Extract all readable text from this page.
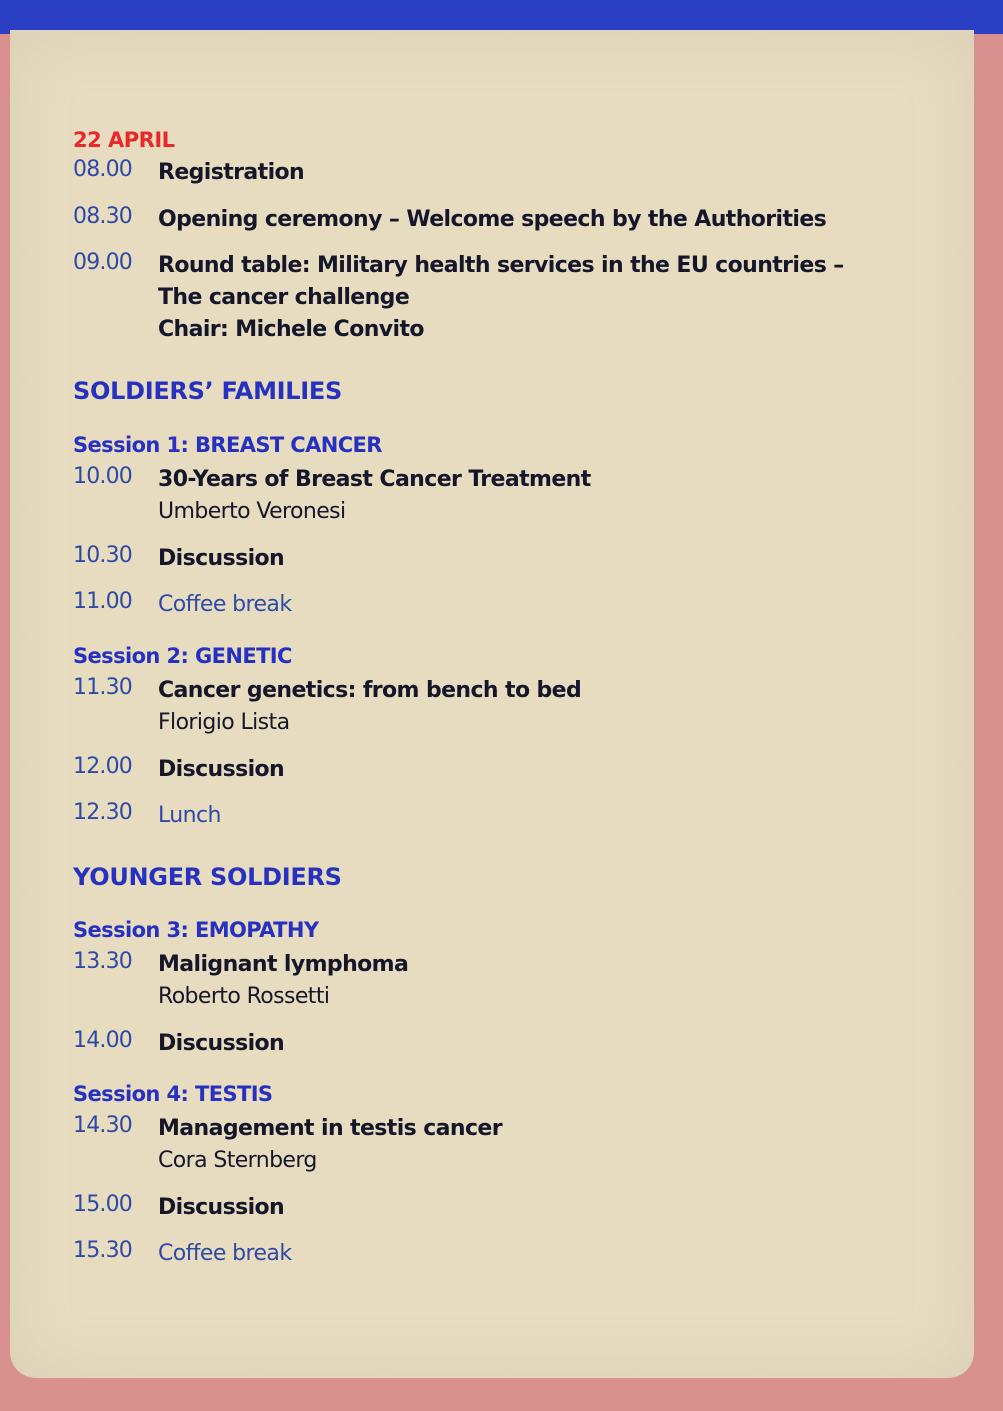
22 APRIL
08.00	Registration
08.30	Opening ceremony – Welcome speech by the Authorities
09.00	Round table: Military health services in the EU countries –
The cancer challenge
Chair: Michele Convito
SOLDIERS’ FAMILIES
Session 1: BREAST CANCER
10.00	30-Years of Breast Cancer Treatment
Umberto Veronesi
10.30	Discussion
11.00	Coffee break
Session 2: GENETIC
11.30	Cancer genetics: from bench to bed
Florigio Lista
12.00	Discussion
12.30	Lunch
YOUNGER SOLDIERS
Session 3: EMOPATHY
13.30	Malignant lymphoma
Roberto Rossetti
14.00	Discussion
Session 4: TESTIS
14.30	Management in testis cancer
Cora Sternberg
15.00	Discussion
15.30	Coffee break
